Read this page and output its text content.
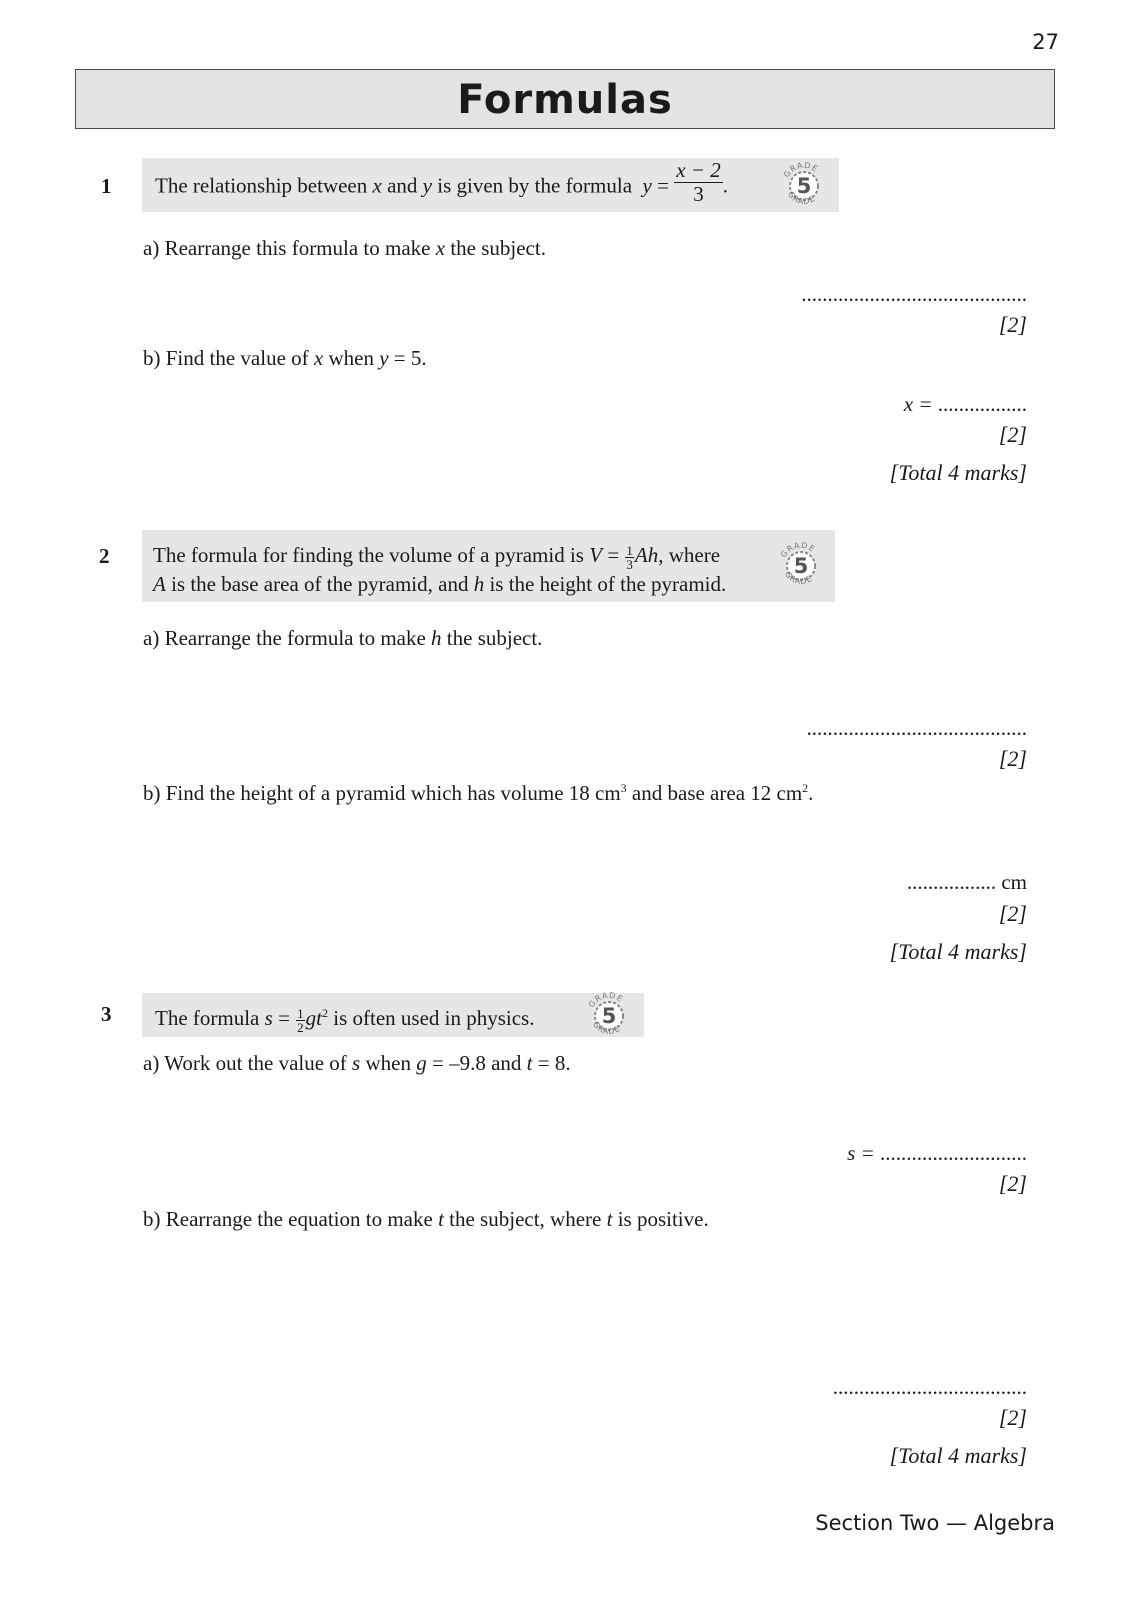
27
Formulas
1	The relationship between x and y is given by the formula $y = \frac{x - 2}{3}$ .	GRADE
GRADE
5
a) Rearrange this formula to make x the subject.
...........................................
[2]
b) Find the value of x when y = 5.
x = .................
[2]
[Total 4 marks]
2 The formula for finding the volume of a pyramid is $V = \frac{1}{3} Ah$, where
A is the base area of the pyramid, and h is the height of the pyramid.
GRADE
GRADE
5
a) Rearrange the formula to make h the subject.
..........................................
[2]
b) Find the height of a pyramid which has volume 18 $cm^3$ and base area 12 $cm^2$.
................. cm
[2]
[Total 4 marks]
3	The formula $s = \frac{1}{2} gt^2$ is often used in physics.
GRADE
GRADE
5
a) Work out the value of s when g = –9.8 and t = 8.
s = ............................
[2]
b) Rearrange the equation to make t the subject, where t is positive.
.....................................
[2]
[Total 4 marks]
Section Two — Algebra
